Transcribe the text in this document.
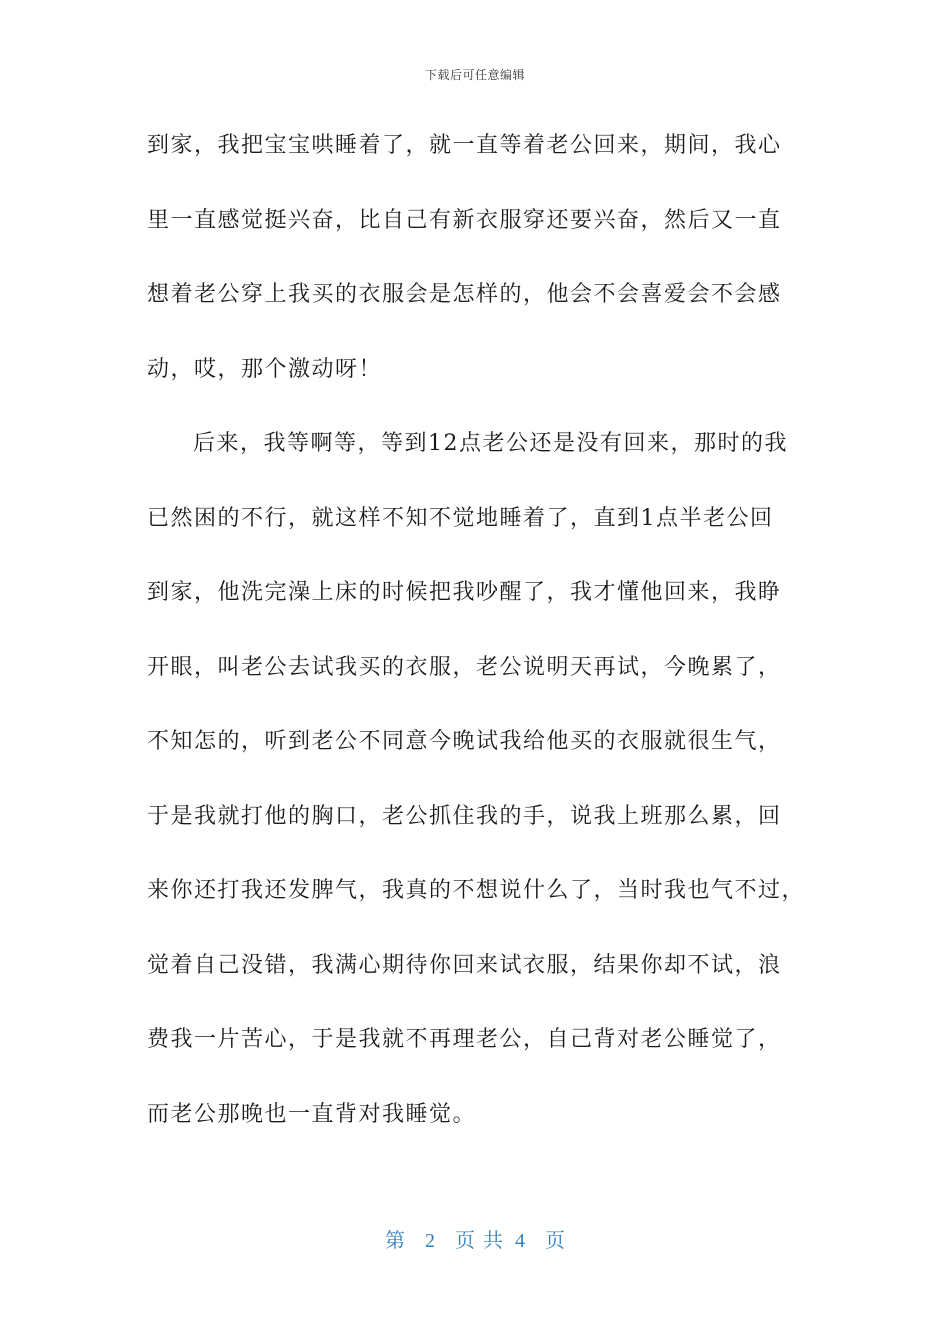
下载后可任意编辑
到家，我把宝宝哄睡着了，就一直等着老公回来，期间，我心
里一直感觉挺兴奋，比自己有新衣服穿还要兴奋，然后又一直
想着老公穿上我买的衣服会是怎样的，他会不会喜爱会不会感
动，哎，那个激动呀！
后来，我等啊等，等到12点老公还是没有回来，那时的我
已然困的不行，就这样不知不觉地睡着了，直到1点半老公回
到家，他洗完澡上床的时候把我吵醒了，我才懂他回来，我睁
开眼，叫老公去试我买的衣服，老公说明天再试，今晚累了，
不知怎的，听到老公不同意今晚试我给他买的衣服就很生气，
于是我就打他的胸口，老公抓住我的手，说我上班那么累，回
来你还打我还发脾气，我真的不想说什么了，当时我也气不过，
觉着自己没错，我满心期待你回来试衣服，结果你却不试，浪
费我一片苦心，于是我就不再理老公，自己背对老公睡觉了，
而老公那晚也一直背对我睡觉。
第 2 页 共 4 页
